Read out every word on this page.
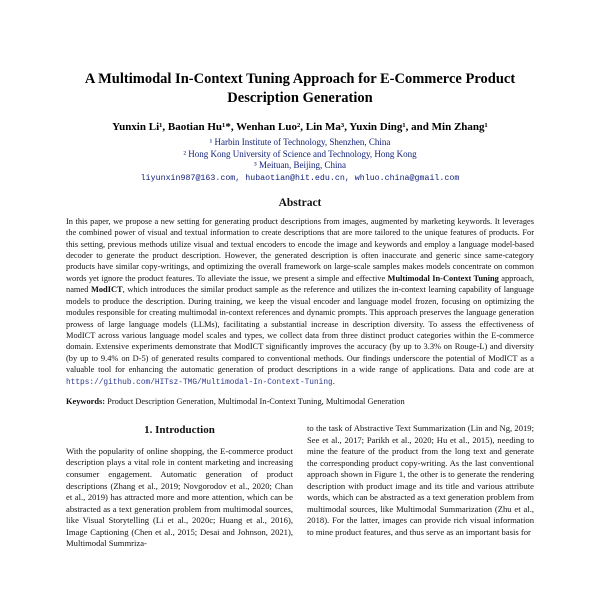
A Multimodal In-Context Tuning Approach for E-Commerce Product Description Generation
Yunxin Li¹, Baotian Hu¹*, Wenhan Luo², Lin Ma³, Yuxin Ding¹, and Min Zhang¹
¹ Harbin Institute of Technology, Shenzhen, China
² Hong Kong University of Science and Technology, Hong Kong
³ Meituan, Beijing, China
liyunxin987@163.com, hubaotian@hit.edu.cn, whluo.china@gmail.com
Abstract

In this paper, we propose a new setting for generating product descriptions from images, augmented by marketing keywords. It leverages the combined power of visual and textual information to create descriptions that are more tailored to the unique features of products. For this setting, previous methods utilize visual and textual encoders to encode the image and keywords and employ a language model-based decoder to generate the product description. However, the generated description is often inaccurate and generic since same-category products have similar copy-writings, and optimizing the overall framework on large-scale samples makes models concentrate on common words yet ignore the product features. To alleviate the issue, we present a simple and effective Multimodal In-Context Tuning approach, named ModICT, which introduces the similar product sample as the reference and utilizes the in-context learning capability of language models to produce the description. During training, we keep the visual encoder and language model frozen, focusing on optimizing the modules responsible for creating multimodal in-context references and dynamic prompts. This approach preserves the language generation prowess of large language models (LLMs), facilitating a substantial increase in description diversity. To assess the effectiveness of ModICT across various language model scales and types, we collect data from three distinct product categories within the E-commerce domain. Extensive experiments demonstrate that ModICT significantly improves the accuracy (by up to 3.3% on Rouge-L) and diversity (by up to 9.4% on D-5) of generated results compared to conventional methods. Our findings underscore the potential of ModICT as a valuable tool for enhancing the automatic generation of product descriptions in a wide range of applications. Data and code are at https://github.com/HITsz-TMG/Multimodal-In-Context-Tuning.

Keywords: Product Description Generation, Multimodal In-Context Tuning, Multimodal Generation

1. Introduction

With the popularity of online shopping, the E-commerce product description plays a vital role in content marketing and increasing consumer engagement. Automatic generation of product descriptions (Zhang et al., 2019; Novgorodov et al., 2020; Chan et al., 2019) has attracted more and more attention, which can be abstracted as a text generation problem from multimodal sources, like Visual Storytelling (Li et al., 2020c; Huang et al., 2016), Image Captioning (Chen et al., 2015; Desai and Johnson, 2021), Multimodal Summriza-

to the task of Abstractive Text Summarization (Lin and Ng, 2019; See et al., 2017; Parikh et al., 2020; Hu et al., 2015), needing to mine the feature of the product from the long text and generate the corresponding product copy-writing. As the last conventional approach shown in Figure 1, the other is to generate the rendering description with product image and its title and various attribute words, which can be abstracted as a text generation problem from multimodal sources, like Multimodal Summarization (Zhu et al., 2018). For the latter, images can provide rich visual information to mine product features, and thus serve as an important basis for
